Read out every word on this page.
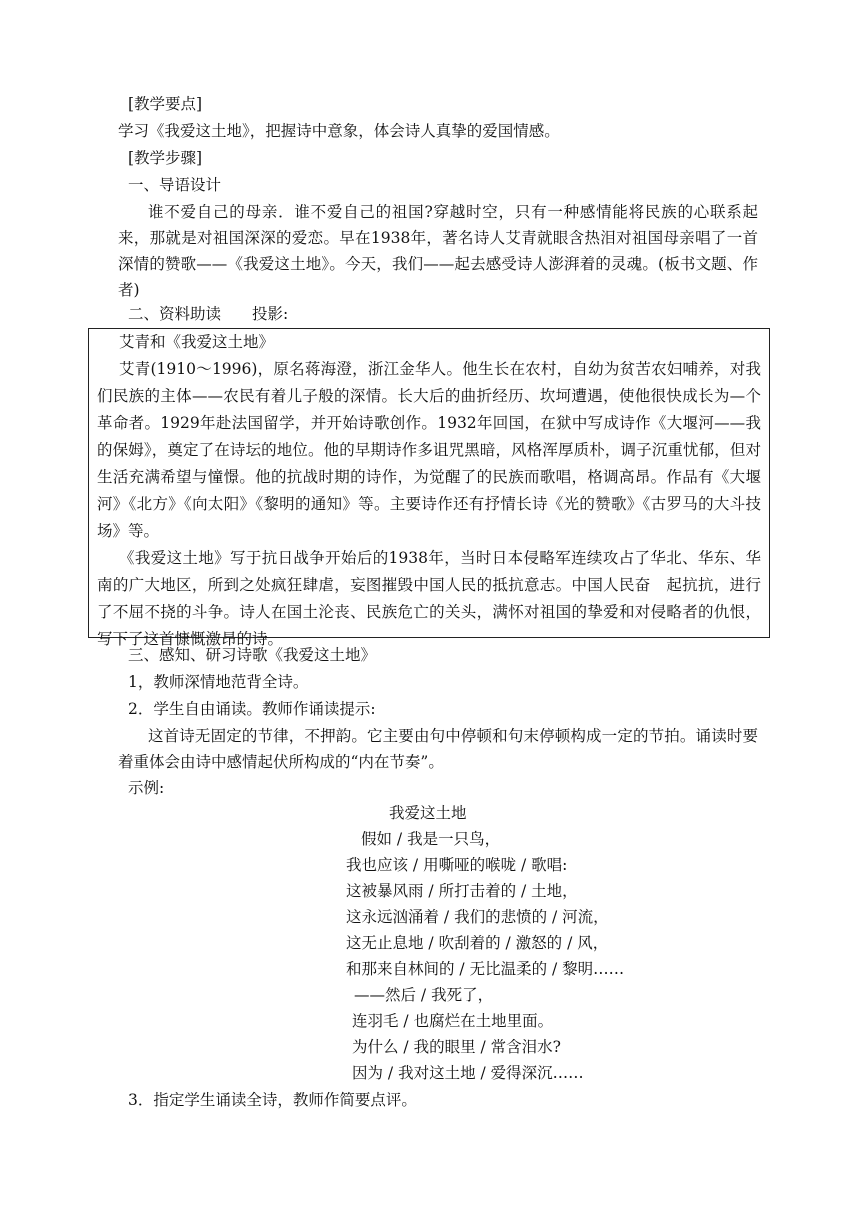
[教学要点]
学习《我爱这土地》，把握诗中意象，体会诗人真挚的爱国情感。
[教学步骤]
一、导语设计
谁不爱自己的母亲．谁不爱自己的祖国?穿越时空，只有一种感情能将民族的心联系起来，那就是对祖国深深的爱恋。早在1938年，著名诗人艾青就眼含热泪对祖国母亲唱了一首深情的赞歌——《我爱这土地》。今天，我们——起去感受诗人澎湃着的灵魂。(板书文题、作者)
二、资料助读　　投影:
艾青和《我爱这土地》
艾青(1910～1996)，原名蒋海澄，浙江金华人。他生长在农村，自幼为贫苦农妇哺养，对我们民族的主体——农民有着儿子般的深情。长大后的曲折经历、坎坷遭遇，使他很快成长为—个革命者。1929年赴法国留学，并开始诗歌创作。1932年回国，在狱中写成诗作《大堰河——我的保姆》，奠定了在诗坛的地位。他的早期诗作多诅咒黑暗，风格浑厚质朴，调子沉重忧郁，但对生活充满希望与憧憬。他的抗战时期的诗作，为觉醒了的民族而歌唱，格调高昂。作品有《大堰河》《北方》《向太阳》《黎明的通知》等。主要诗作还有抒情长诗《光的赞歌》《古罗马的大斗技场》等。
《我爱这土地》写于抗日战争开始后的1938年，当时日本侵略军连续攻占了华北、华东、华南的广大地区，所到之处疯狂肆虐，妄图摧毁中国人民的抵抗意志。中国人民奋　起抗抗，进行了不屈不挠的斗争。诗人在国土沦丧、民族危亡的关头，满怀对祖国的挚爱和对侵略者的仇恨，写下了这首慷慨激昂的诗。
三、感知、研习诗歌《我爱这土地》
1，教师深情地范背全诗。
2．学生自由诵读。教师作诵读提示:
这首诗无固定的节律，不押韵。它主要由句中停顿和句末停顿构成一定的节拍。诵读时要着重体会由诗中感情起伏所构成的“内在节奏”。
示例:
我爱这土地
假如 / 我是一只鸟，
我也应该 / 用嘶哑的喉咙 / 歌唱:
这被暴风雨 / 所打击着的 / 土地，
这永远汹涌着 / 我们的悲愤的 / 河流，
这无止息地 / 吹刮着的 / 激怒的 / 风，
和那来自林间的 / 无比温柔的 / 黎明……
——然后 / 我死了，
连羽毛 / 也腐烂在土地里面。
为什么 / 我的眼里 / 常含泪水?
因为 / 我对这土地 / 爱得深沉……
3．指定学生诵读全诗，教师作简要点评。
